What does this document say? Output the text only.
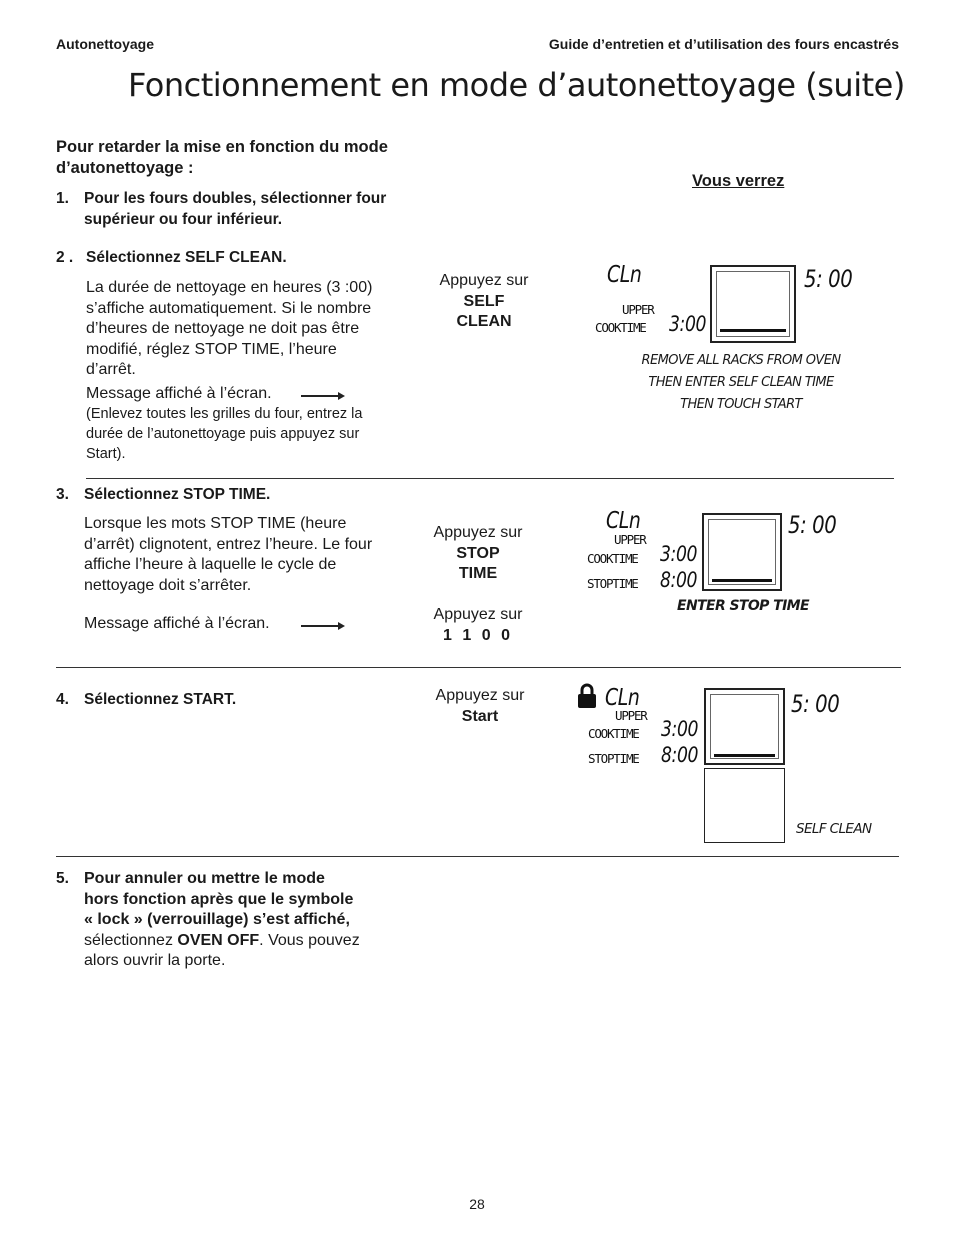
Autonettoyage	Guide d’entretien et d’utilisation des fours encastrés
Fonctionnement en mode d’autonettoyage (suite)
Pour retarder la mise en fonction du mode
d’autonettoyage :
Vous verrez
1. Pour les fours doubles, sélectionner four
supérieur ou four inférieur.
2 . Sélectionnez SELF CLEAN.
La durée de nettoyage en heures (3 :00)
s’affiche automatiquement. Si le nombre
d’heures de nettoyage ne doit pas être
modifié, réglez STOP TIME, l’heure
d’arrêt.
Message affiché à l’écran.
(Enlevez toutes les grilles du four, entrez la
durée de l’autonettoyage puis appuyez sur
Start).
Appuyez sur
SELF
CLEAN
CLn
UPPER
COOKTIME 3:00
5: 00
REMOVE ALL RACKS FROM OVEN
THEN ENTER SELF CLEAN TIME
THEN TOUCH START
3. Sélectionnez STOP TIME.
Lorsque les mots STOP TIME (heure
d’arrêt) clignotent, entrez l’heure. Le four
affiche l’heure à laquelle le cycle de
nettoyage doit s’arrêter.
Message affiché à l’écran.
Appuyez sur
STOP
TIME
Appuyez sur
1 1 0 0
CLn
UPPER
COOKTIME 3:00
STOPTIME 8:00
5: 00
ENTER STOP TIME
4. Sélectionnez START.	Appuyez sur
Start
CLn
UPPER
COOKTIME 3:00
STOPTIME 8:00
5: 00
SELF CLEAN
5. Pour annuler ou mettre le mode
hors fonction après que le symbole
« lock » (verrouillage) s’est affiché,
sélectionnez OVEN OFF. Vous pouvez
alors ouvrir la porte.
28
